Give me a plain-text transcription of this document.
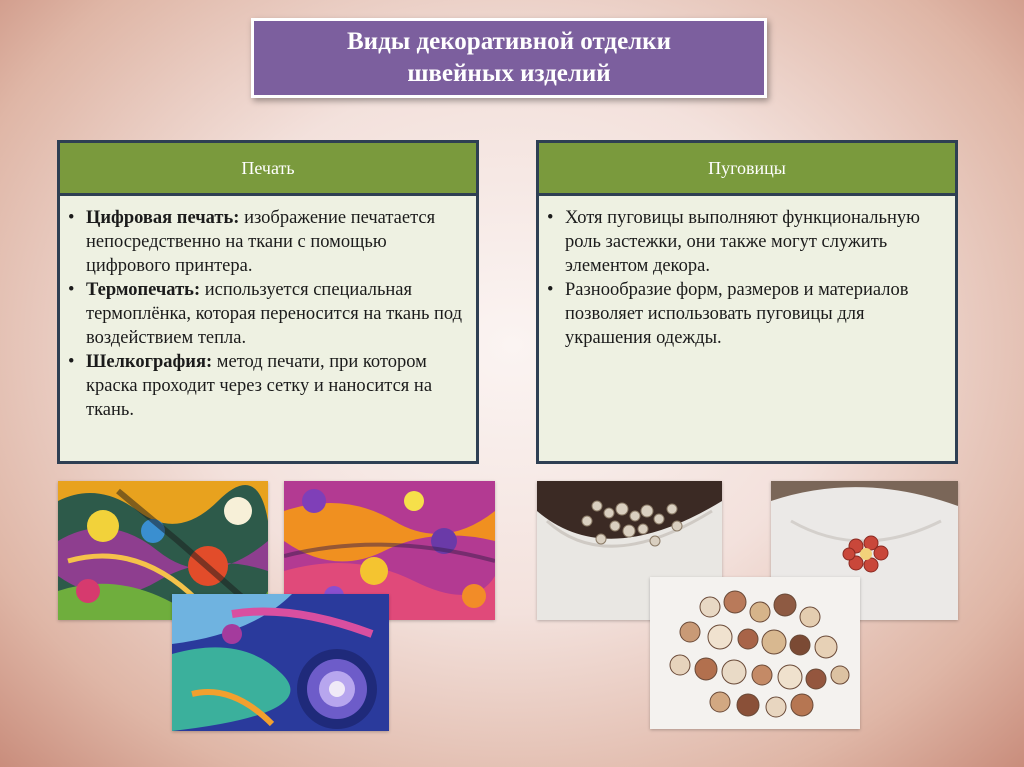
Виды декоративной отделки
швейных изделий
Печать
• Цифровая печать: изображение печатается непосредственно на ткани с помощью цифрового принтера.
• Термопечать: используется специальная термоплёнка, которая переносится на ткань под воздействием тепла.
• Шелкография: метод печати, при котором краска проходит через сетку и наносится на ткань.
Пуговицы
• Хотя пуговицы выполняют функциональную роль застежки, они также могут служить элементом декора.
• Разнообразие форм, размеров и материалов позволяет использовать пуговицы для украшения одежды.
